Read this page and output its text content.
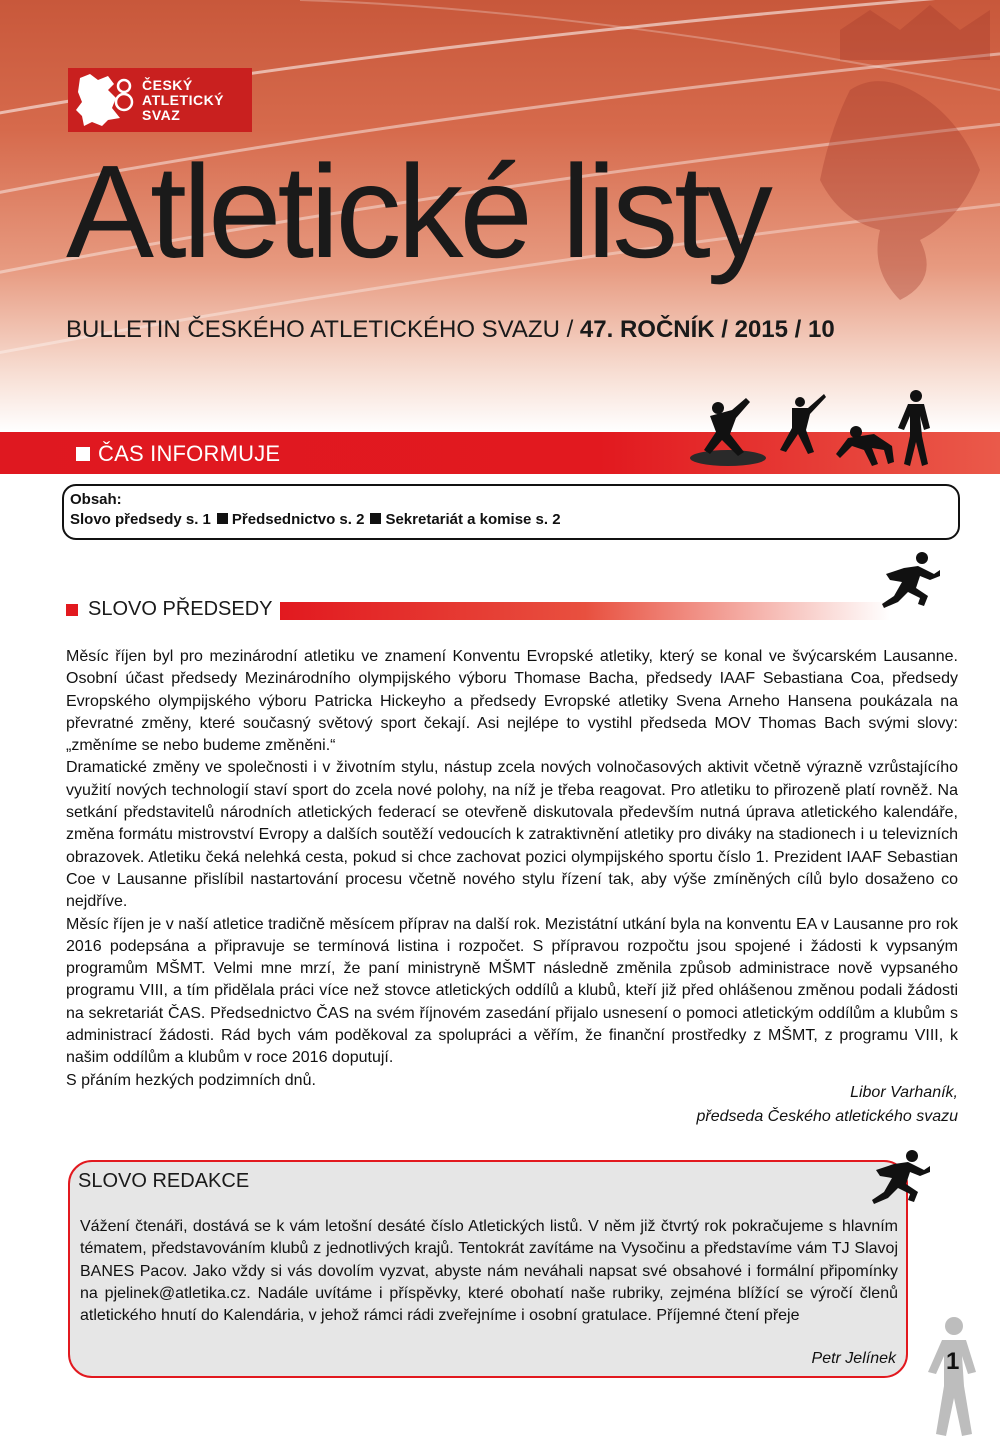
ČESKÝ
ATLETICKÝ
SVAZ
Atletické listy
BULLETIN ČESKÉHO ATLETICKÉHO SVAZU / 47. ROČNÍK / 2015 / 10
ČAS INFORMUJE
Obsah:
Slovo předsedy s. 1 Předsednictvo s. 2 Sekretariát a komise s. 2
SLOVO PŘEDSEDY

Měsíc říjen byl pro mezinárodní atletiku ve znamení Konventu Evropské atletiky, který se konal ve švýcarském Lausanne. Osobní účast předsedy Mezinárodního olympijského výboru Thomase Bacha, předsedy IAAF Sebastiana Coa, předsedy Evropského olympijského výboru Patricka Hickeyho a předsedy Evropské atletiky Svena Arneho Hansena poukázala na převratné změny, které současný světový sport čekají. Asi nejlépe to vystihl předseda MOV Thomas Bach svými slovy: „změníme se nebo budeme změněni.“

Dramatické změny ve společnosti i v životním stylu, nástup zcela nových volnočasových aktivit včetně výrazně vzrůstajícího využití nových technologií staví sport do zcela nové polohy, na níž je třeba reagovat. Pro atletiku to přirozeně platí rovněž. Na setkání představitelů národních atletických federací se otevřeně diskutovala především nutná úprava atletického kalendáře, změna formátu mistrovství Evropy a dalších soutěží vedoucích k zatraktivnění atletiky pro diváky na stadionech i u televizních obrazovek. Atletiku čeká nelehká cesta, pokud si chce zachovat pozici olympijského sportu číslo 1. Prezident IAAF Sebastian Coe v Lausanne přislíbil nastartování procesu včetně nového stylu řízení tak, aby výše zmíněných cílů bylo dosaženo co nejdříve.

Měsíc říjen je v naší atletice tradičně měsícem příprav na další rok. Mezistátní utkání byla na konventu EA v Lausanne pro rok 2016 podepsána a připravuje se termínová listina i rozpočet. S přípravou rozpočtu jsou spojené i žádosti k vypsaným programům MŠMT. Velmi mne mrzí, že paní ministryně MŠMT následně změnila způsob administrace nově vypsaného programu VIII, a tím přidělala práci více než stovce atletických oddílů a klubů, kteří již před ohlášenou změnou podali žádosti na sekretariát ČAS. Předsednictvo ČAS na svém říjnovém zasedání přijalo usnesení o pomoci atletickým oddílům a klubům s administrací žádosti. Rád bych vám poděkoval za spolupráci a věřím, že finanční prostředky z MŠMT, z programu VIII, k našim oddílům a klubům v roce 2016 doputují.

S přáním hezkých podzimních dnů.

Libor Varhaník,
předseda Českého atletického svazu
SLOVO REDAKCE
Vážení čtenáři, dostává se k vám letošní desáté číslo Atletických listů. V něm již čtvrtý rok pokračujeme s hlavním tématem, představováním klubů z jednotlivých krajů. Tentokrát zavítáme na Vysočinu a představíme vám TJ Slavoj BANES Pacov. Jako vždy si vás dovolím vyzvat, abyste nám neváhali napsat své obsahové i formální připomínky na pjelinek@atletika.cz. Nadále uvítáme i příspěvky, které obohatí naše rubriky, zejména blížící se výročí členů atletického hnutí do Kalendária, v jehož rámci rádi zveřejníme i osobní gratulace. Příjemné čtení přeje
Petr Jelínek 1
